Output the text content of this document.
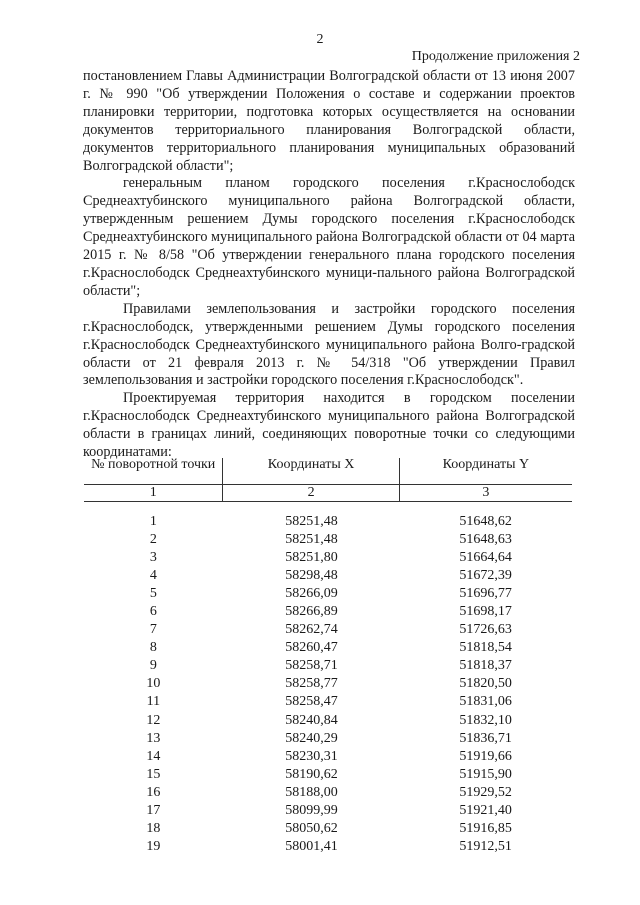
2
Продолжение приложения 2

постановлением Главы Администрации Волгоградской области от 13 июня 2007 г. № 990 "Об утверждении Положения о составе и содержании проектов планировки территории, подготовка которых осуществляется на основании документов территориального планирования Волгоградской области, документов территориального планирования муниципальных образований Волгоградской области";

генеральным планом городского поселения г.Краснослободск Среднеахтубинского муниципального района Волгоградской области, утвержденным решением Думы городского поселения г.Краснослободск Среднеахтубинского муниципального района Волгоградской области от 04 марта 2015 г. № 8/58 "Об утверждении генерального плана городского поселения г.Краснослободск Среднеахтубинского муници-пального района Волгоградской области";

Правилами землепользования и застройки городского поселения г.Краснослободск, утвержденными решением Думы городского поселения г.Краснослободск Среднеахтубинского муниципального района Волго-градской области от 21 февраля 2013 г. № 54/318 "Об утверждении Правил землепользования и застройки городского поселения г.Краснослободск".

Проектируемая территория находится в городском поселении г.Краснослободск Среднеахтубинского муниципального района Волгоградской области в границах линий, соединяющих поворотные точки со следующими координатами:

№ поворотной точки	Координаты X	Координаты Y
1	2	3
1	58251,48	51648,62
2	58251,48	51648,63
3	58251,80	51664,64
4	58298,48	51672,39
5	58266,09	51696,77
6	58266,89	51698,17
7	58262,74	51726,63
8	58260,47	51818,54
9	58258,71	51818,37
10	58258,77	51820,50
11	58258,47	51831,06
12	58240,84	51832,10
13	58240,29	51836,71
14	58230,31	51919,66
15	58190,62	51915,90
16	58188,00	51929,52
17	58099,99	51921,40
18	58050,62	51916,85
19	58001,41	51912,51
